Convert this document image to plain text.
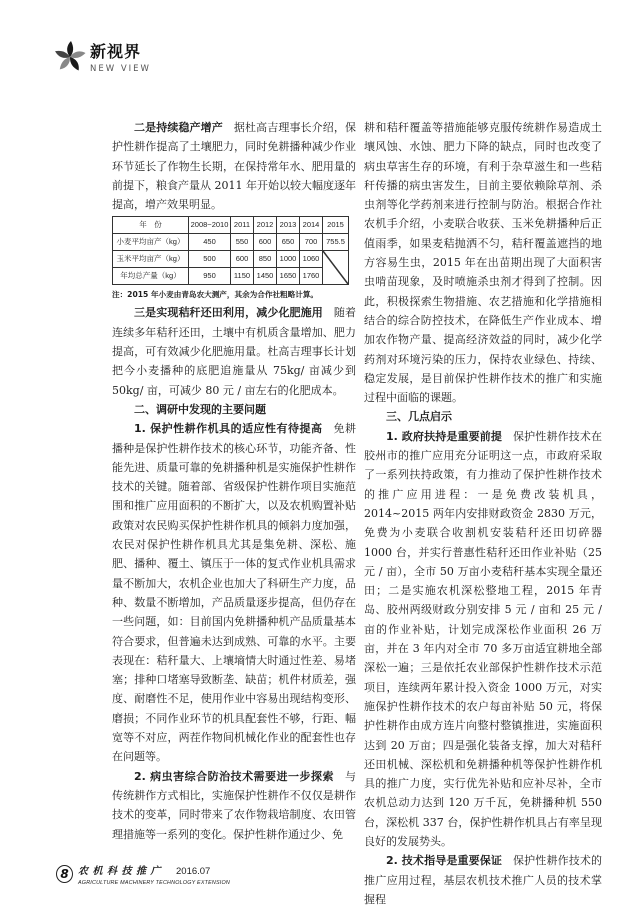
新视界
NEW VIEW

二是持续稳产增产 据杜高吉理事长介绍，保护性耕作提高了土壤肥力，同时免耕播种减少作业环节延长了作物生长期，在保持常年水、肥用量的前提下，粮食产量从 2011 年开始以较大幅度逐年提高，增产效果明显。

年　份	2008~2010	2011	2012	2013	2014	2015
小麦平均亩产（kg）	450	550	600	650	700	755.5
玉米平均亩产（kg）	500	600	850	1000	1060	

年均总产量（kg）	950	1150	1450	1650	1760	

注：2015 年小麦由青岛农大测产，其余为合作社粗略计算。

三是实现秸秆还田利用，减少化肥施用 随着连续多年秸秆还田，土壤中有机质含量增加、肥力提高，可有效减少化肥施用量。杜高吉理事长计划把今小麦播种的底肥追施量从 75kg/ 亩减少到 50kg/ 亩，可减少 80 元 / 亩左右的化肥成本。

二、调研中发现的主要问题

1. 保护性耕作机具的适应性有待提高 免耕播种是保护性耕作技术的核心环节，功能齐备、性能先进、质量可靠的免耕播种机是实施保护性耕作技术的关键。随着部、省级保护性耕作项目实施范围和推广应用面积的不断扩大，以及农机购置补贴政策对农民购买保护性耕作机具的倾斜力度加强，农民对保护性耕作机具尤其是集免耕、深松、施肥、播种、覆土、镇压于一体的复式作业机具需求量不断加大，农机企业也加大了科研生产力度，品种、数量不断增加，产品质量逐步提高，但仍存在一些问题，如：目前国内免耕播种机产品质量基本符合要求，但普遍未达到成熟、可靠的水平。主要表现在：秸秆量大、上壤墒情大时通过性差、易堵塞；排种口堵塞导致断垄、缺苗；机件材质差，强度、耐磨性不足，使用作业中容易出现结构变形、磨损；不同作业环节的机具配套性不够，行距、幅宽等不对应，两茬作物间机械化作业的配套性也存在问题等。

2. 病虫害综合防治技术需要进一步探索 与传统耕作方式相比，实施保护性耕作不仅仅是耕作技术的变革，同时带来了农作物栽培制度、农田管理措施等一系列的变化。保护性耕作通过少、免

耕和秸秆覆盖等措施能够克服传统耕作易造成土壤风蚀、水蚀、肥力下降的缺点，同时也改变了病虫草害生存的环境，有利于杂草滋生和一些秸秆传播的病虫害发生，目前主要依赖除草剂、杀虫剂等化学药剂来进行控制与防治。根据合作社农机手介绍，小麦联合收获、玉米免耕播种后正值雨季，如果麦秸抛洒不匀，秸秆覆盖遮挡的地方容易生虫，2015 年在出苗期出现了大面积害虫啃苗现象，及时喷施杀虫剂才得到了控制。因此，积极探索生物措施、农艺措施和化学措施相结合的综合防控技术，在降低生产作业成本、增加农作物产量、提高经济效益的同时，减少化学药剂对环境污染的压力，保持农业绿色、持续、稳定发展，是目前保护性耕作技术的推广和实施过程中面临的课题。

三、几点启示

1. 政府扶持是重要前提 保护性耕作技术在胶州市的推广应用充分证明这一点，市政府采取了一系列扶持政策，有力推动了保护性耕作技术的推广应用进程：一是免费改装机具，2014~2015 两年内安排财政资金 2830 万元，免费为小麦联合收割机安装秸秆还田切碎器 1000 台，并实行普惠性秸秆还田作业补贴（25 元 / 亩），全市 50 万亩小麦秸秆基本实现全量还田；二是实施农机深松整地工程，2015 年青岛、胶州两级财政分别安排 5 元 / 亩和 25 元 / 亩的作业补贴，计划完成深松作业面积 26 万亩，并在 3 年内对全市 70 多万亩适宜耕地全部深松一遍；三是依托农业部保护性耕作技术示范项目，连续两年累计投入资金 1000 万元，对实施保护性耕作技术的农户每亩补贴 50 元，将保护性耕作由成方连片向整村整镇推进，实施面积达到 20 万亩；四是强化装备支撑，加大对秸秆还田机械、深松机和免耕播种机等保护性耕作机具的推广力度，实行优先补贴和应补尽补，全市农机总动力达到 120 万千瓦，免耕播种机 550 台，深松机 337 台，保护性耕作机具占有率呈现良好的发展势头。

2. 技术指导是重要保证 保护性耕作技术的推广应用过程，基层农机技术推广人员的技术掌握程

8 农机科技推广 2016.07
AGRICULTURE MACHINERY TECHNOLOGY EXTENSION
